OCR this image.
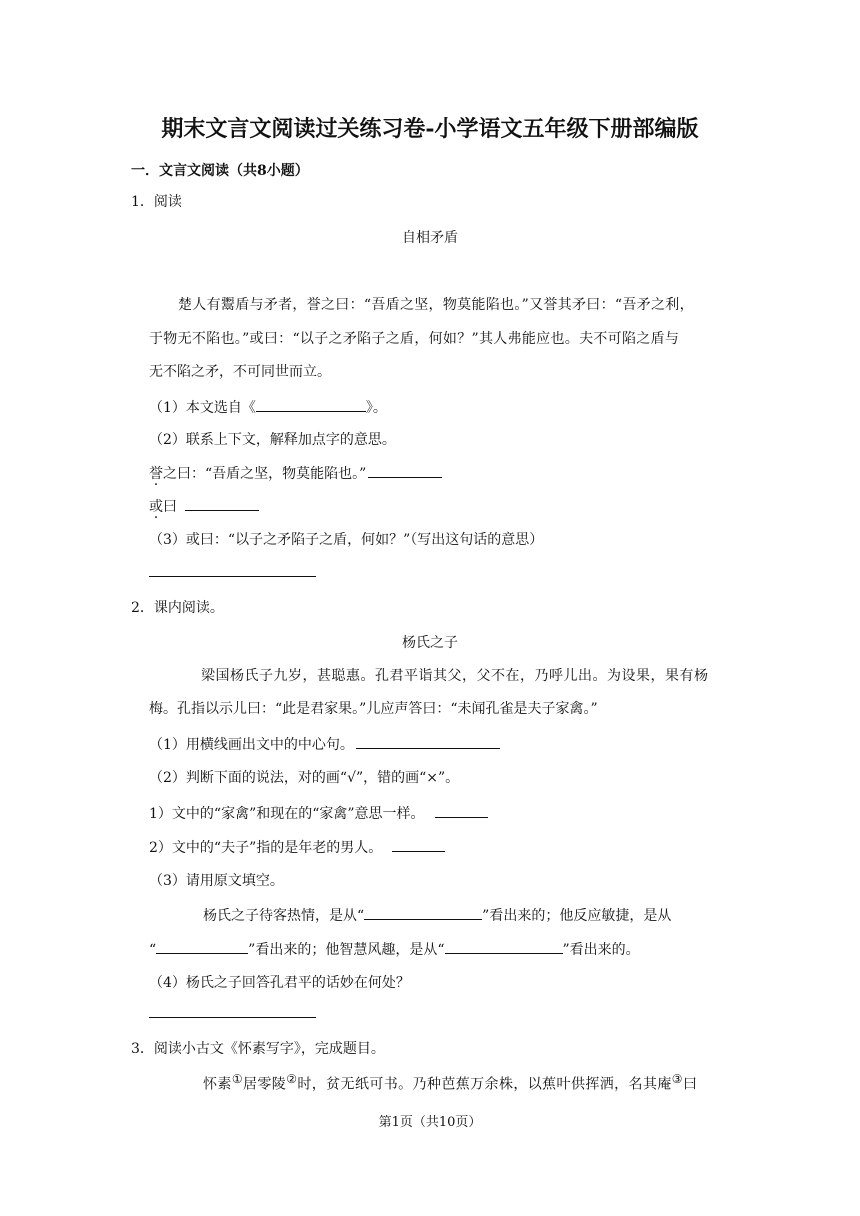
期末文言文阅读过关练习卷-小学语文五年级下册部编版
一．文言文阅读（共8小题）
1．阅读
自相矛盾
楚人有鬻盾与矛者，誉之曰：“吾盾之坚，物莫能陷也。”又誉其矛曰：“吾矛之利，
于物无不陷也。”或曰：“以子之矛陷子之盾，何如？”其人弗能应也。夫不可陷之盾与
无不陷之矛，不可同世而立。
（1）本文选自《	》。
（2）联系上下文，解释加点字的意思。
誉之曰：“吾盾之坚，物莫能陷也。”
或曰
（3）或曰：“以子之矛陷子之盾，何如？”（写出这句话的意思）
2．课内阅读。
杨氏之子
梁国杨氏子九岁，甚聪惠。孔君平诣其父，父不在，乃呼儿出。为设果，果有杨
梅。孔指以示儿曰：“此是君家果。”儿应声答曰：“未闻孔雀是夫子家禽。”
（1）用横线画出文中的中心句。
（2）判断下面的说法，对的画“√”，错的画“×”。
1）文中的“家禽”和现在的“家禽”意思一样。
2）文中的“夫子”指的是年老的男人。
（3）请用原文填空。
杨氏之子待客热情，是从“	”看出来的；他反应敏捷，是从
“	”看出来的；他智慧风趣，是从“	”看出来的。
（4）杨氏之子回答孔君平的话妙在何处？
3．阅读小古文《怀素写字》，完成题目。
怀素①居零陵②时，贫无纸可书。乃种芭蕉万余株，以蕉叶供挥洒，名其庵③曰
第1页（共10页）
